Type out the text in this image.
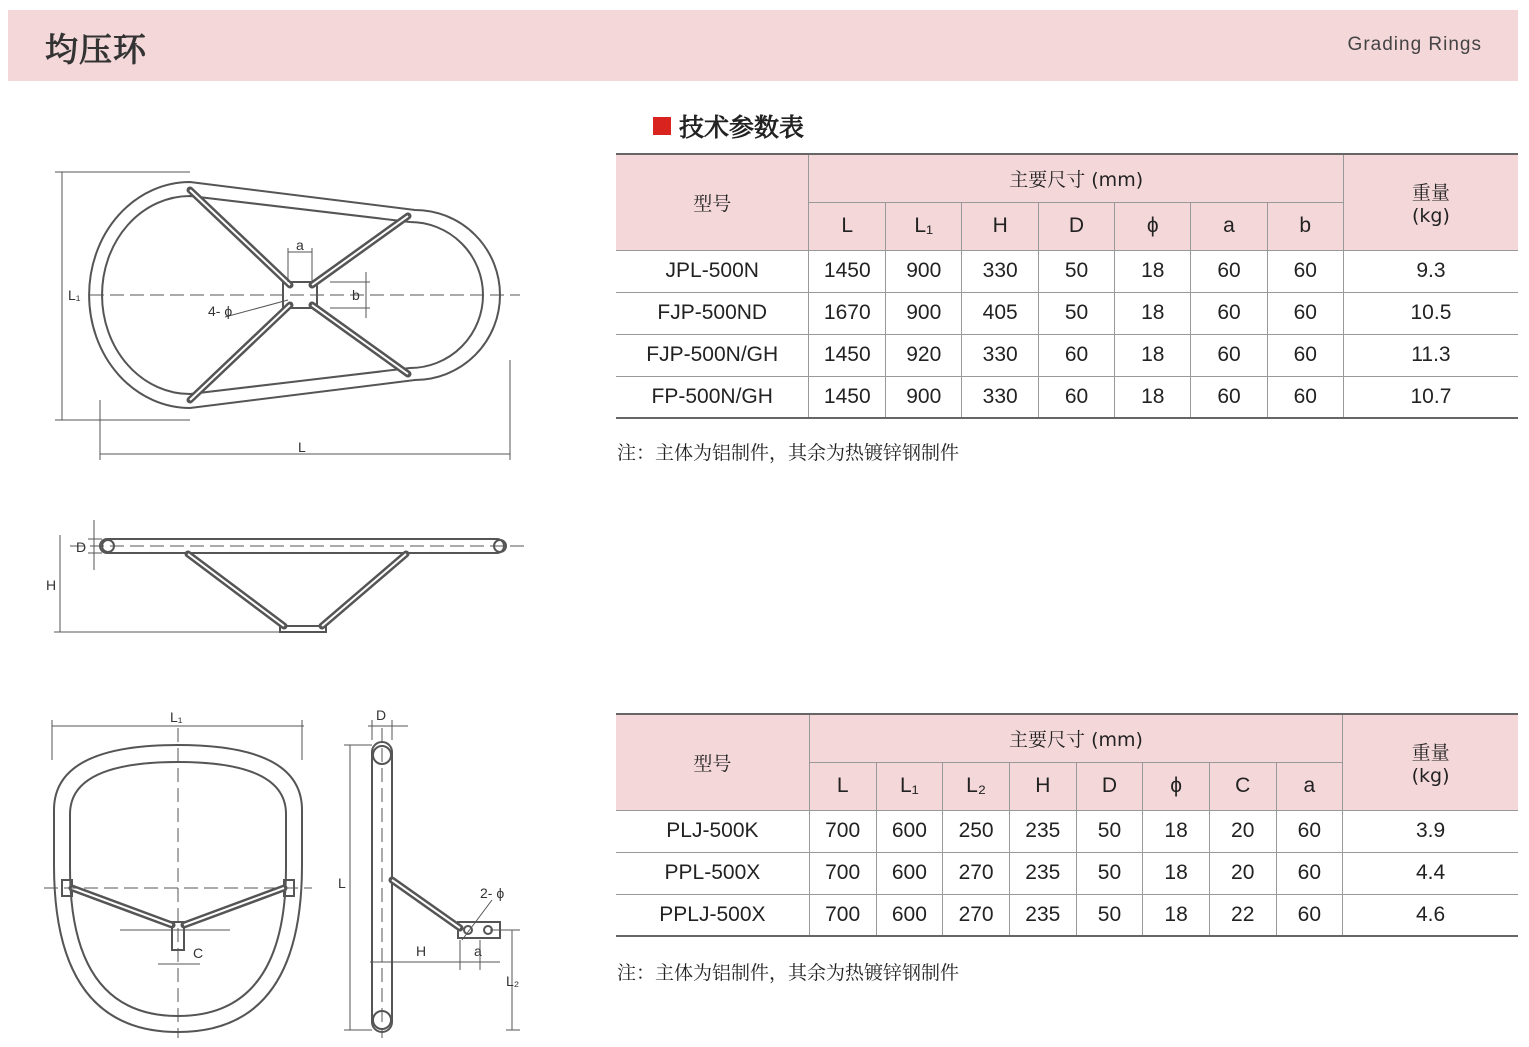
均压环	Grading Rings
技术参数表
型号	主要尺寸 (mm)							重量
(kg)
	L	L₁	H	D	ϕ	a	b	
JPL-500N	1450	900	330	50	18	60	60	9.3
FJP-500ND	1670	900	405	50	18	60	60	10.5
FJP-500N/GH	1450	920	330	60	18	60	60	11.3
FP-500N/GH	1450	900	330	60	18	60	60	10.7
注：主体为铝制件，其余为热镀锌钢制件
型号	主要尺寸 (mm)								重量
(kg)
	L	L₁	L₂	H	D	ϕ	C	a	
PLJ-500K	700	600	250	235	50	18	20	60	3.9
PPL-500X	700	600	270	235	50	18	20	60	4.4
PPLJ-500X	700	600	270	235	50	18	22	60	4.6
注：主体为铝制件，其余为热镀锌钢制件
L₁
L
a
b
4- ϕ
D
H
L₁
C
D
L
2- ϕ
H	a
L₂
